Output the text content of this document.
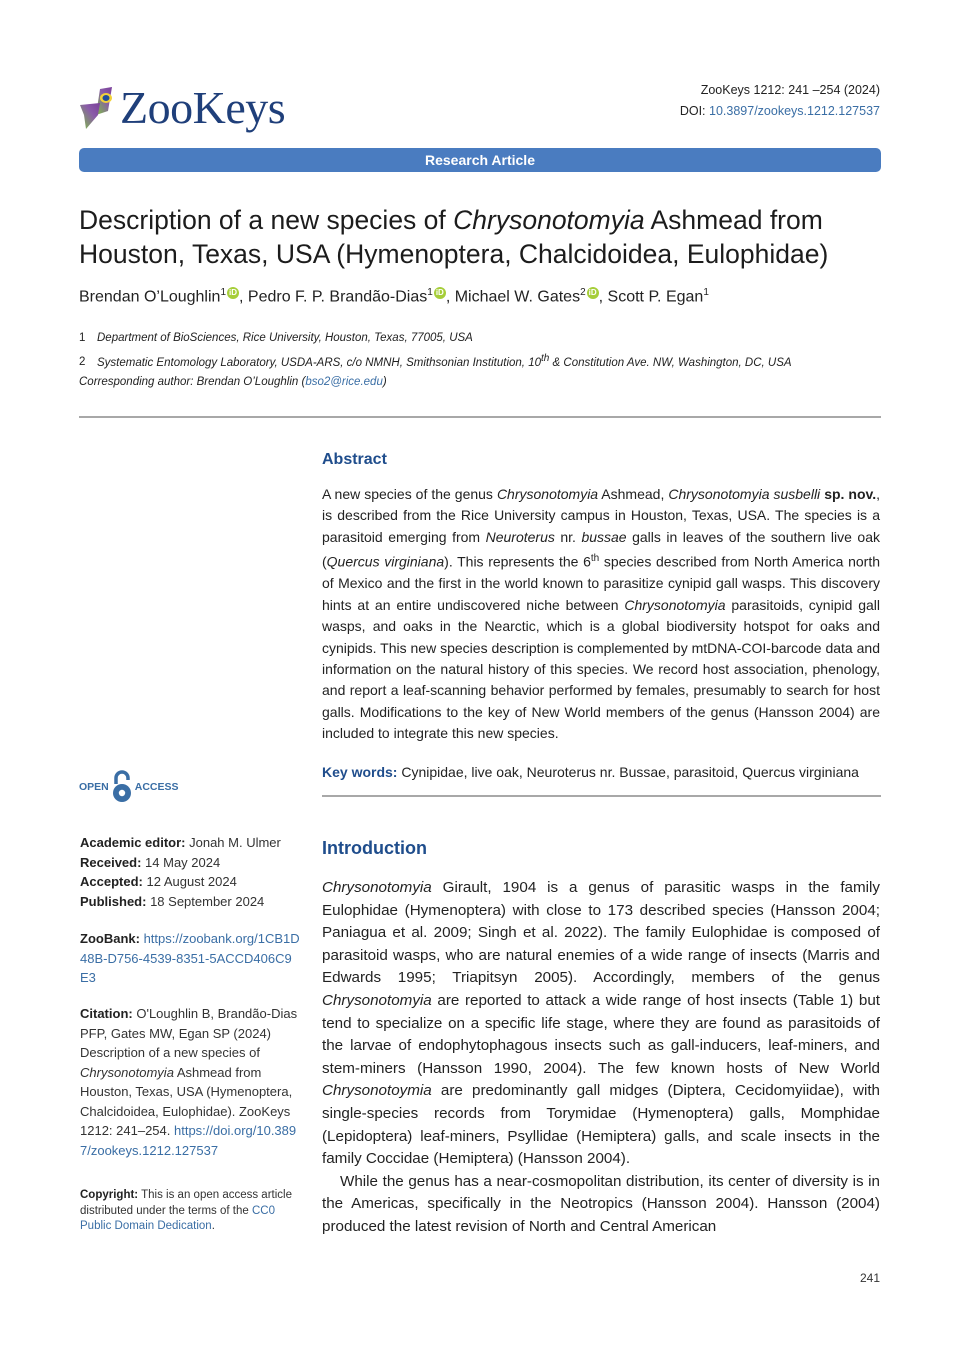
ZooKeys	ZooKeys 1212: 241 –254 (2024)
DOI: 10.3897/zookeys.1212.127537
Research Article
Description of a new species of Chrysonotomyia Ashmead from Houston, Texas, USA (Hymenoptera, Chalcidoidea, Eulophidae)
Brendan O’Loughlin$^1$ iD , Pedro F. P. Brandão-Dias$^1$ iD , Michael W. Gates$^2$ iD , Scott P. Egan$^1$
1 Department of BioSciences, Rice University, Houston, Texas, 77005, USA
2 Systematic Entomology Laboratory, USDA-ARS, c/o NMNH, Smithsonian Institution, 10th & Constitution Ave. NW, Washington, DC, USA
Corresponding author: Brendan O’Loughlin (bso2@rice.edu)
Abstract
A new species of the genus Chrysonotomyia Ashmead, Chrysonotomyia susbelli sp. nov., is described from the Rice University campus in Houston, Texas, USA. The species is a parasitoid emerging from Neuroterus nr. bussae galls in leaves of the southern live oak (Quercus virginiana). This represents the 6th species described from North America north of Mexico and the first in the world known to parasitize cynipid gall wasps. This discovery hints at an entire undiscovered niche between Chrysonotomyia parasitoids, cynipid gall wasps, and oaks in the Nearctic, which is a global biodiversity hotspot for oaks and cynipids. This new species description is complemented by mtDNA-COI-barcode data and information on the natural history of this species. We record host association, phenology, and report a leaf-scanning behavior performed by females, presumably to search for host galls. Modifications to the key of New World members of the genus (Hansson 2004) are included to integrate this new species.
Key words: Cynipidae, live oak, Neuroterus nr. Bussae, parasitoid, Quercus virginiana
OPEN ACCESS
Academic editor: Jonah M. Ulmer
Received: 14 May 2024
Accepted: 12 August 2024
Published: 18 September 2024
ZooBank: https://zoobank.org/1CB1D48B-D756-4539-8351-5ACCD406C9E3
Citation: O'Loughlin B, Brandão-Dias PFP, Gates MW, Egan SP (2024) Description of a new species of Chrysonotomyia Ashmead from Houston, Texas, USA (Hymenoptera, Chalcidoidea, Eulophidae). ZooKeys 1212: 241–254. https://doi.org/10.3897/zookeys.1212.127537
Copyright: This is an open access article distributed under the terms of the CC0 Public Domain Dedication.
Introduction

Chrysonotomyia Girault, 1904 is a genus of parasitic wasps in the family Eulophidae (Hymenoptera) with close to 173 described species (Hansson 2004; Paniagua et al. 2009; Singh et al. 2022). The family Eulophidae is composed of parasitoid wasps, who are natural enemies of a wide range of insects (Marris and Edwards 1995; Triapitsyn 2005). Accordingly, members of the genus Chrysonotomyia are reported to attack a wide range of host insects (Table 1) but tend to specialize on a specific life stage, where they are found as parasitoids of the larvae of endophytophagous insects such as gall-inducers, leaf-miners, and stem-miners (Hansson 1990, 2004). The few known hosts of New World Chrysonotoymia are predominantly gall midges (Diptera, Cecidomyiidae), with single-species records from Torymidae (Hymenoptera) galls, Momphidae (Lepidoptera) leaf-miners, Psyllidae (Hemiptera) galls, and scale insects in the family Coccidae (Hemiptera) (Hansson 2004).

While the genus has a near-cosmopolitan distribution, its center of diversity is in the Americas, specifically in the Neotropics (Hansson 2004). Hansson (2004) produced the latest revision of North and Central American

241
